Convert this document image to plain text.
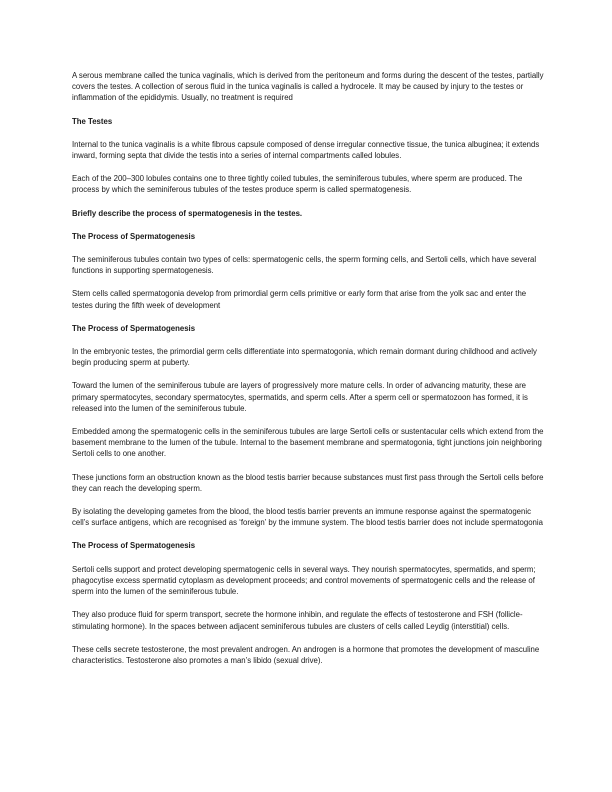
A serous membrane called the tunica vaginalis, which is derived from the peritoneum and forms during the descent of the testes, partially covers the testes. A collection of serous fluid in the tunica vaginalis is called a hydrocele. It may be caused by injury to the testes or inflammation of the epididymis. Usually, no treatment is required

The Testes

Internal to the tunica vaginalis is a white fibrous capsule composed of dense irregular connective tissue, the tunica albuginea; it extends inward, forming septa that divide the testis into a series of internal compartments called lobules.

Each of the 200–300 lobules contains one to three tightly coiled tubules, the seminiferous tubules, where sperm are produced. The process by which the seminiferous tubules of the testes produce sperm is called spermatogenesis.

Briefly describe the process of spermatogenesis in the testes.
The Process of Spermatogenesis

The seminiferous tubules contain two types of cells: spermatogenic cells, the sperm forming cells, and Sertoli cells, which have several functions in supporting spermatogenesis.

Stem cells called spermatogonia develop from primordial germ cells primitive or early form that arise from the yolk sac and enter the testes during the fifth week of development

The Process of Spermatogenesis

In the embryonic testes, the primordial germ cells differentiate into spermatogonia, which remain dormant during childhood and actively begin producing sperm at puberty.

Toward the lumen of the seminiferous tubule are layers of progressively more mature cells. In order of advancing maturity, these are primary spermatocytes, secondary spermatocytes, spermatids, and sperm cells. After a sperm cell or spermatozoon has formed, it is released into the lumen of the seminiferous tubule.

Embedded among the spermatogenic cells in the seminiferous tubules are large Sertoli cells or sustentacular cells which extend from the basement membrane to the lumen of the tubule. Internal to the basement membrane and spermatogonia, tight junctions join neighboring Sertoli cells to one another.

These junctions form an obstruction known as the blood testis barrier because substances must first pass through the Sertoli cells before they can reach the developing sperm.

By isolating the developing gametes from the blood, the blood testis barrier prevents an immune response against the spermatogenic cell’s surface antigens, which are recognised as ‘foreign’ by the immune system. The blood testis barrier does not include spermatogonia

The Process of Spermatogenesis

Sertoli cells support and protect developing spermatogenic cells in several ways. They nourish spermatocytes, spermatids, and sperm; phagocytise excess spermatid cytoplasm as development proceeds; and control movements of spermatogenic cells and the release of sperm into the lumen of the seminiferous tubule.

They also produce fluid for sperm transport, secrete the hormone inhibin, and regulate the effects of testosterone and FSH (follicle-stimulating hormone). In the spaces between adjacent seminiferous tubules are clusters of cells called Leydig (interstitial) cells.

These cells secrete testosterone, the most prevalent androgen. An androgen is a hormone that promotes the development of masculine characteristics. Testosterone also promotes a man’s libido (sexual drive).
